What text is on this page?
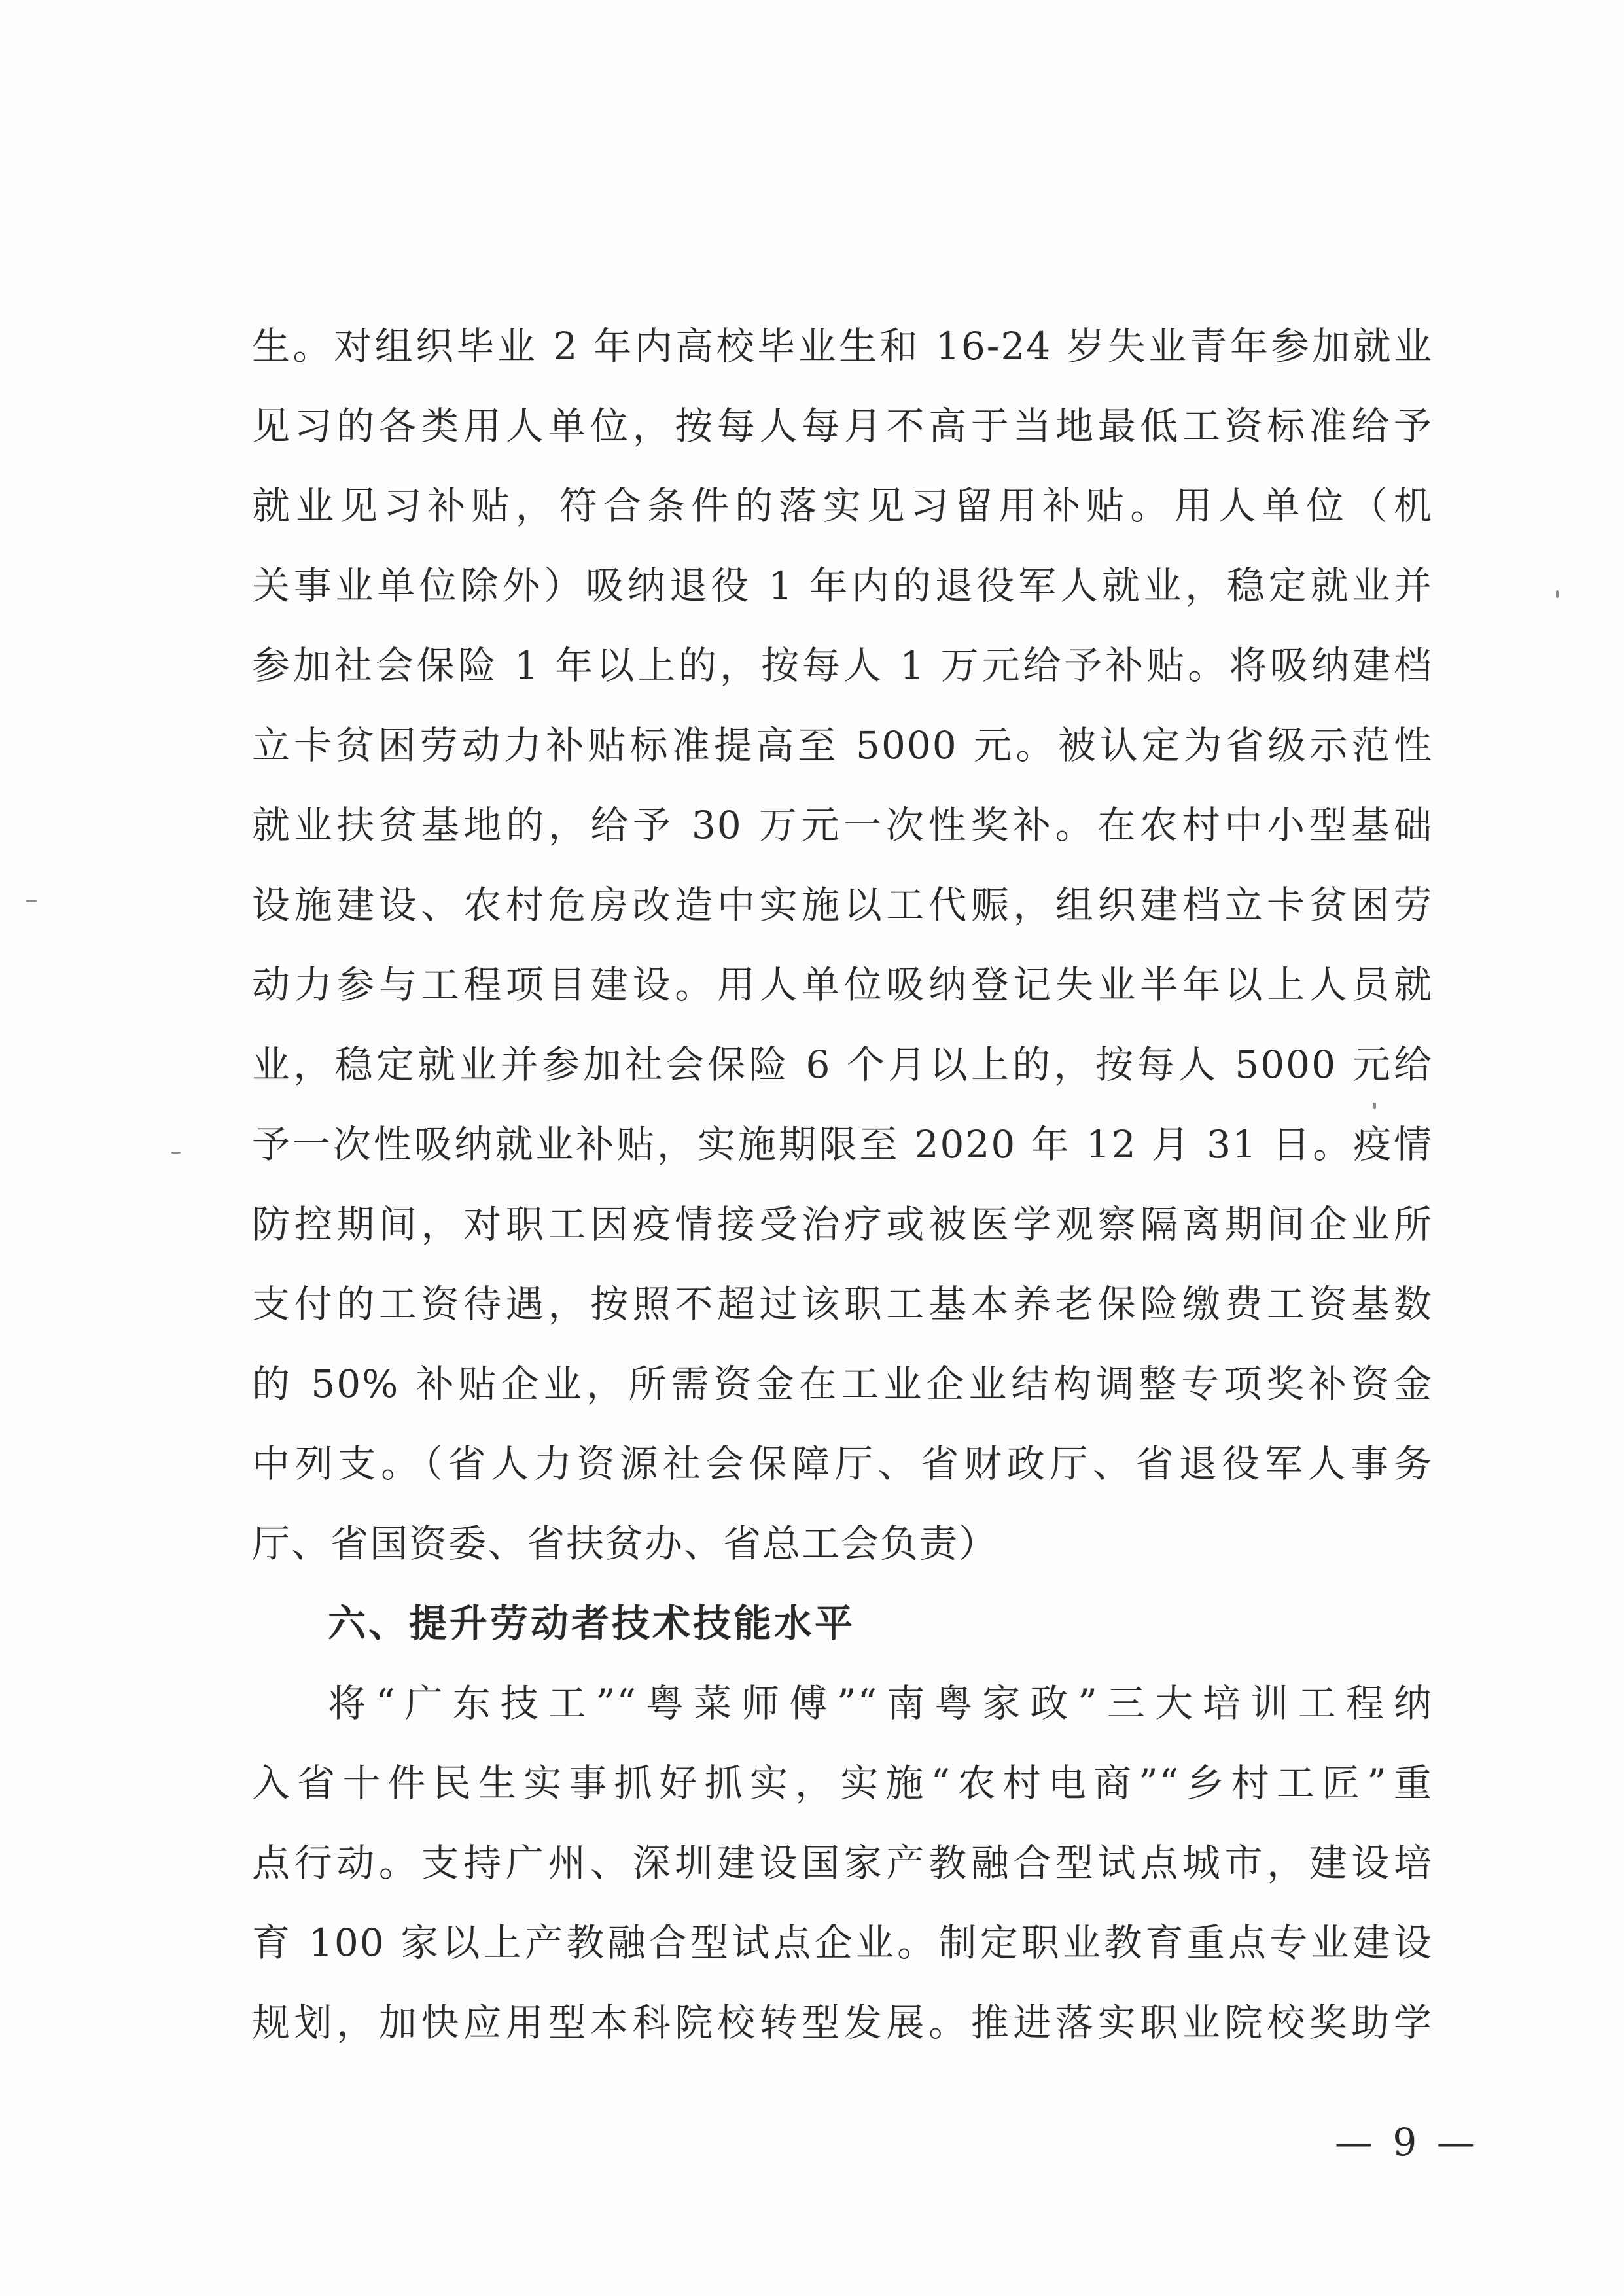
生。对组织毕业 2 年内高校毕业生和 16-24 岁失业青年参加就业
见习的各类用人单位，按每人每月不高于当地最低工资标准给予
就业见习补贴，符合条件的落实见习留用补贴。用人单位（机
关事业单位除外）吸纳退役 1 年内的退役军人就业，稳定就业并
参加社会保险 1 年以上的，按每人 1 万元给予补贴。将吸纳建档
立卡贫困劳动力补贴标准提高至 5000 元。被认定为省级示范性
就业扶贫基地的，给予 30 万元一次性奖补。在农村中小型基础
设施建设、农村危房改造中实施以工代赈，组织建档立卡贫困劳
动力参与工程项目建设。用人单位吸纳登记失业半年以上人员就
业，稳定就业并参加社会保险 6 个月以上的，按每人 5000 元给
予一次性吸纳就业补贴，实施期限至 2020 年 12 月 31 日。疫情
防控期间，对职工因疫情接受治疗或被医学观察隔离期间企业所
支付的工资待遇，按照不超过该职工基本养老保险缴费工资基数
的 50% 补贴企业，所需资金在工业企业结构调整专项奖补资金
中列支。（省人力资源社会保障厅、省财政厅、省退役军人事务
厅、省国资委、省扶贫办、省总工会负责）
六、提升劳动者技术技能水平
将“广东技工”“粤菜师傅”“南粤家政”三大培训工程纳
入省十件民生实事抓好抓实，实施“农村电商”“乡村工匠”重
点行动。支持广州、深圳建设国家产教融合型试点城市，建设培
育 100 家以上产教融合型试点企业。制定职业教育重点专业建设
规划，加快应用型本科院校转型发展。推进落实职业院校奖助学
— 9 —
